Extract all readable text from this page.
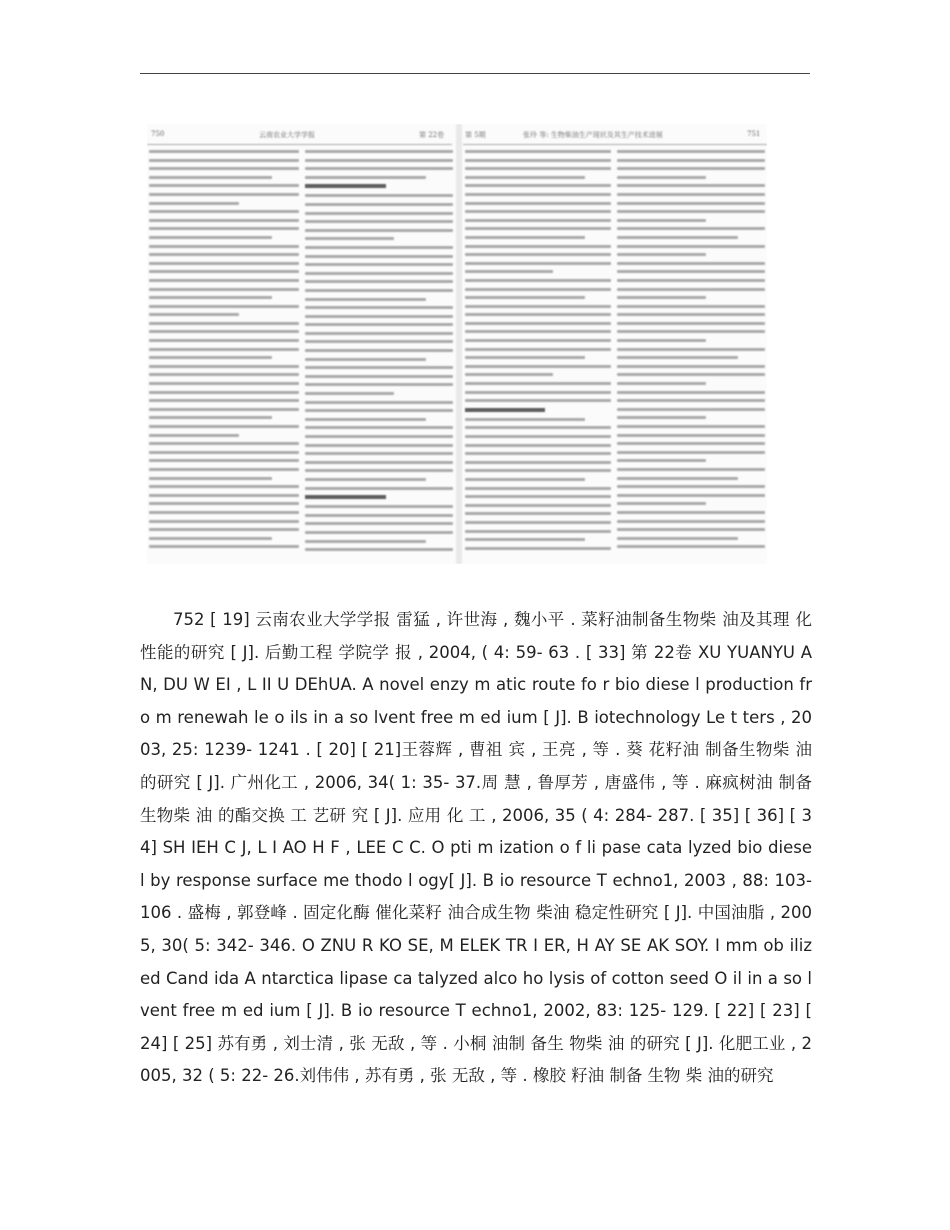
750	云南农业大学学报	第 22卷	第 5期	张玲 等: 生物柴油生产现状及其生产技术进展	751
752 [ 19] 云南农业大学学报 雷猛 , 许世海 , 魏小平 . 菜籽油制备生物柴 油及其理 化性能的研究 [ J]. 后勤工程 学院学 报 , 2004, ( 4: 59- 63 . [ 33] 第 22卷 XU YUANYU AN, DU W EI , L II U DEhUA. A novel enzy m atic route fo r bio diese l production fro m renewah le o ils in a so lvent free m ed ium [ J]. B iotechnology Le t ters , 2003, 25: 1239- 1241 . [ 20] [ 21]王蓉辉 , 曹祖 宾 , 王亮 , 等 . 葵 花籽油 制备生物柴 油 的研究 [ J]. 广州化工 , 2006, 34( 1: 35- 37.周 慧 , 鲁厚芳 , 唐盛伟 , 等 . 麻疯树油 制备生物柴 油 的酯交换 工 艺研 究 [ J]. 应用 化 工 , 2006, 35 ( 4: 284- 287. [ 35] [ 36] [ 34] SH IEH C J, L I AO H F , LEE C C. O pti m ization o f li pase cata lyzed bio diese l by response surface me thodo l ogy[ J]. B io resource T echno1, 2003 , 88: 103- 106 . 盛梅 , 郭登峰 . 固定化酶 催化菜籽 油合成生物 柴油 稳定性研究 [ J]. 中国油脂 , 2005, 30( 5: 342- 346. O ZNU R KO SE, M ELEK TR I ER, H AY SE AK SOY. I mm ob ilized Cand ida A ntarctica lipase ca talyzed alco ho lysis of cotton seed O il in a so lvent free m ed ium [ J]. B io resource T echno1, 2002, 83: 125- 129. [ 22] [ 23] [ 24] [ 25] 苏有勇 , 刘士清 , 张 无敌 , 等 . 小桐 油制 备生 物柴 油 的研究 [ J]. 化肥工业 , 2005, 32 ( 5: 22- 26.刘伟伟 , 苏有勇 , 张 无敌 , 等 . 橡胶 籽油 制备 生物 柴 油的研究
